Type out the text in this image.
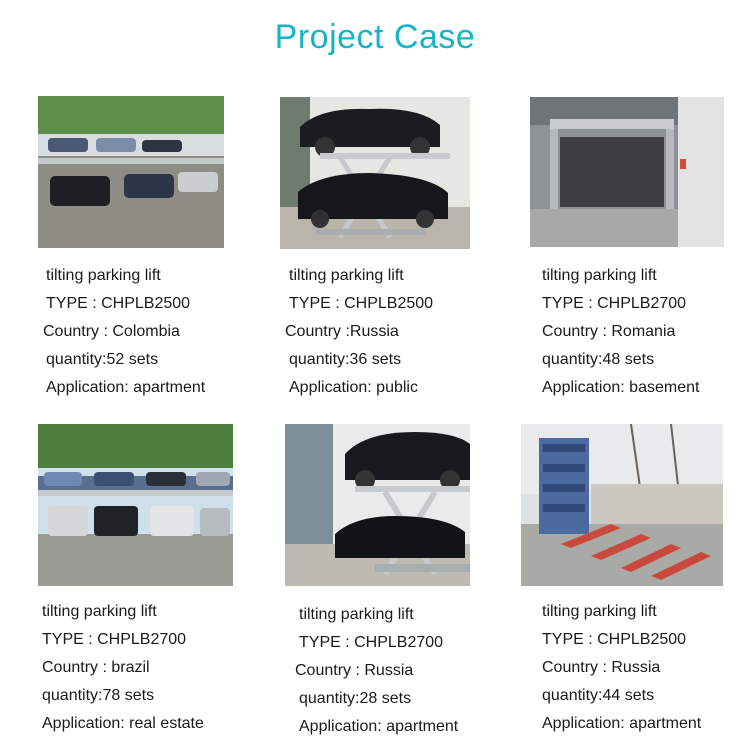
Project Case
tilting parking lift
TYPE : CHPLB2500
Country : Colombia
quantity:52 sets
Application: apartment
tilting parking lift
TYPE : CHPLB2500
Country :Russia
quantity:36 sets
Application: public
tilting parking lift
TYPE : CHPLB2700
Country : Romania
quantity:48 sets
Application: basement
tilting parking lift
TYPE : CHPLB2700
Country : brazil
quantity:78 sets
Application: real estate
tilting parking lift
TYPE : CHPLB2700
Country : Russia
quantity:28 sets
Application: apartment
tilting parking lift
TYPE : CHPLB2500
Country : Russia
quantity:44 sets
Application: apartment
